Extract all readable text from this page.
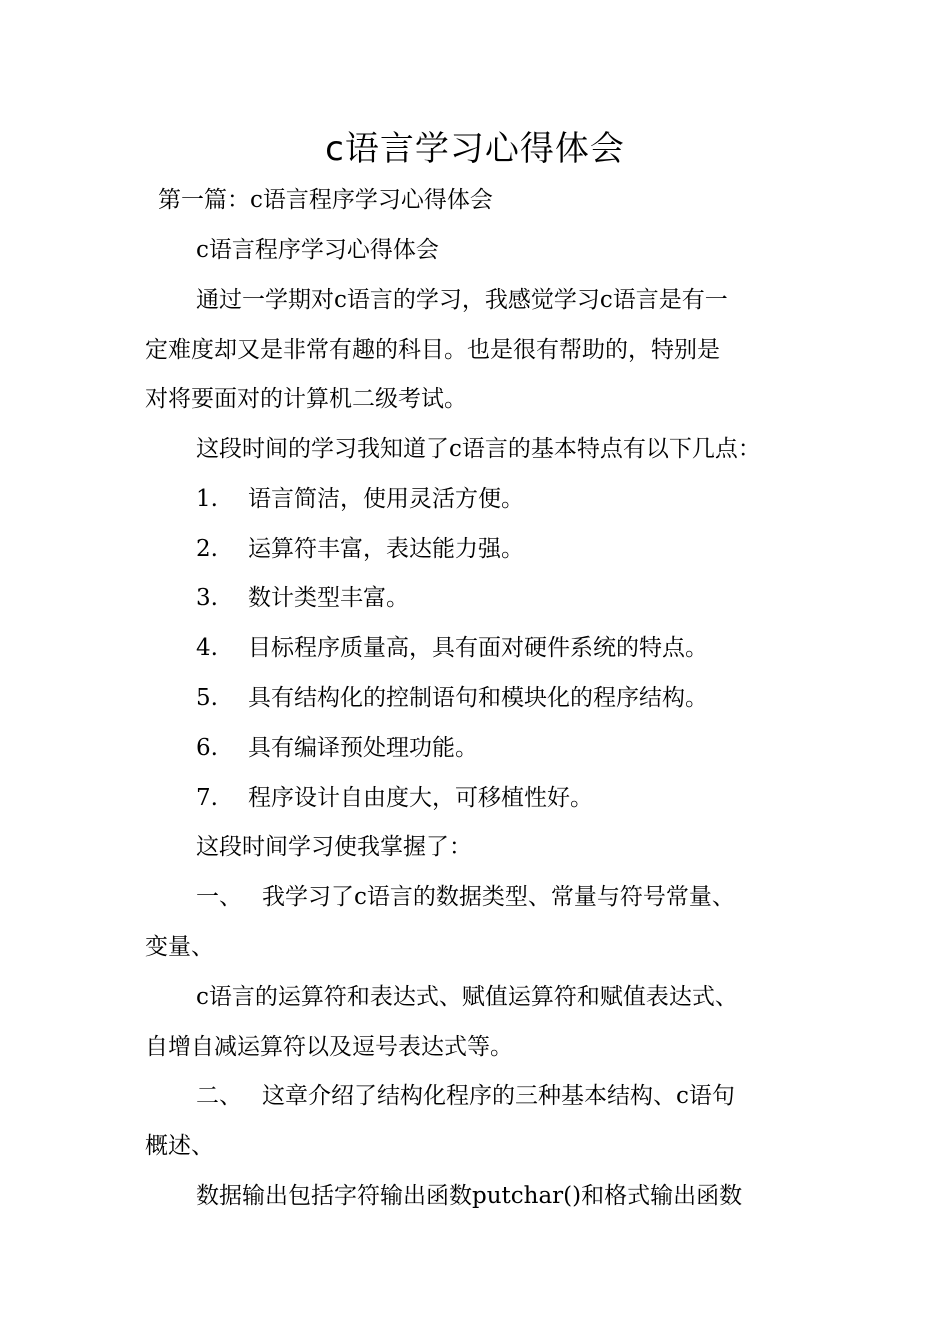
c语言学习心得体会
第一篇：c语言程序学习心得体会
c语言程序学习心得体会
通过一学期对c语言的学习，我感觉学习c语言是有一
定难度却又是非常有趣的科目。也是很有帮助的，特别是
对将要面对的计算机二级考试。
这段时间的学习我知道了c语言的基本特点有以下几点：
1. 语言简洁，使用灵活方便。
2. 运算符丰富，表达能力强。
3. 数计类型丰富。
4. 目标程序质量高，具有面对硬件系统的特点。
5. 具有结构化的控制语句和模块化的程序结构。
6. 具有编译预处理功能。
7. 程序设计自由度大，可移植性好。
这段时间学习使我掌握了：
一、 我学习了c语言的数据类型、常量与符号常量、
变量、
c语言的运算符和表达式、赋值运算符和赋值表达式、
自增自减运算符以及逗号表达式等。
二、 这章介绍了结构化程序的三种基本结构、c语句
概述、
数据输出包括字符输出函数putchar()和格式输出函数
